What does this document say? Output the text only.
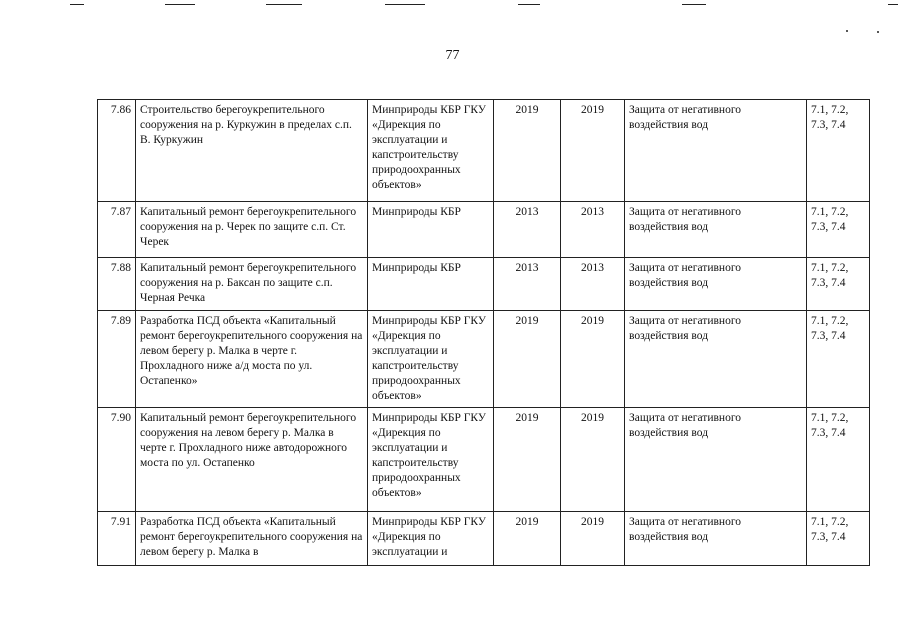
77
7.86	Строительство берегоукрепительного сооружения на р. Куркужин в пределах с.п. В. Куркужин	Минприроды КБР ГКУ «Дирекция по эксплуатации и капстроительству природоохранных объектов»	2019	2019	Защита от негативного воздействия вод	7.1, 7.2, 7.3, 7.4
7.87	Капитальный ремонт берегоукрепительного сооружения на р. Черек по защите с.п. Ст. Черек	Минприроды КБР	2013	2013	Защита от негативного воздействия вод	7.1, 7.2, 7.3, 7.4
7.88	Капитальный ремонт берегоукрепительного сооружения на р. Баксан по защите с.п. Черная Речка	Минприроды КБР	2013	2013	Защита от негативного воздействия вод	7.1, 7.2, 7.3, 7.4
7.89	Разработка ПСД объекта «Капитальный ремонт берегоукрепительного сооружения на левом берегу р. Малка в черте г. Прохладного ниже а/д моста по ул. Остапенко»	Минприроды КБР ГКУ «Дирекция по эксплуатации и капстроительству природоохранных объектов»	2019	2019	Защита от негативного воздействия вод	7.1, 7.2, 7.3, 7.4
7.90	Капитальный ремонт берегоукрепительного сооружения на левом берегу р. Малка в черте г. Прохладного ниже автодорожного моста по ул. Остапенко	Минприроды КБР ГКУ «Дирекция по эксплуатации и капстроительству природоохранных объектов»	2019	2019	Защита от негативного воздействия вод	7.1, 7.2, 7.3, 7.4
7.91	Разработка ПСД объекта «Капитальный ремонт берегоукрепительного сооружения на левом берегу р. Малка в	Минприроды КБР ГКУ «Дирекция по эксплуатации и	2019	2019	Защита от негативного воздействия вод	7.1, 7.2, 7.3, 7.4
